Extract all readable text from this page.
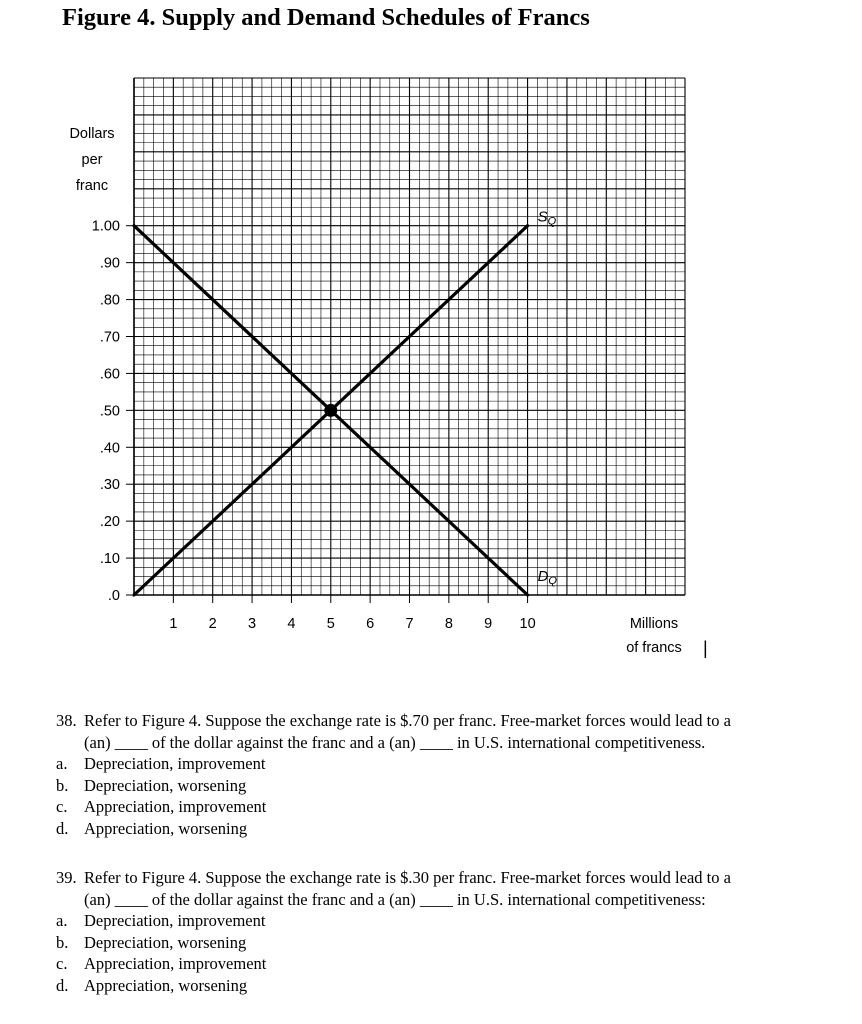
Figure 4. Supply and Demand Schedules of Francs
.0
.10
.20
.30
.40
.50
.60
.70
.80
.90
1.00
1 2 3 4 5 6 7 8 9 10
Dollars
per
franc
Millions
of francs |
$S_Q$
$D_Q$
38. Refer to Figure 4. Suppose the exchange rate is $.70 per franc. Free-market forces would lead to a
(an) ____ of the dollar against the franc and a (an) ____ in U.S. international competitiveness.
a. Depreciation, improvement
b. Depreciation, worsening
c. Appreciation, improvement
d. Appreciation, worsening
39. Refer to Figure 4. Suppose the exchange rate is $.30 per franc. Free-market forces would lead to a
(an) ____ of the dollar against the franc and a (an) ____ in U.S. international competitiveness:
a. Depreciation, improvement
b. Depreciation, worsening
c. Appreciation, improvement
d. Appreciation, worsening
